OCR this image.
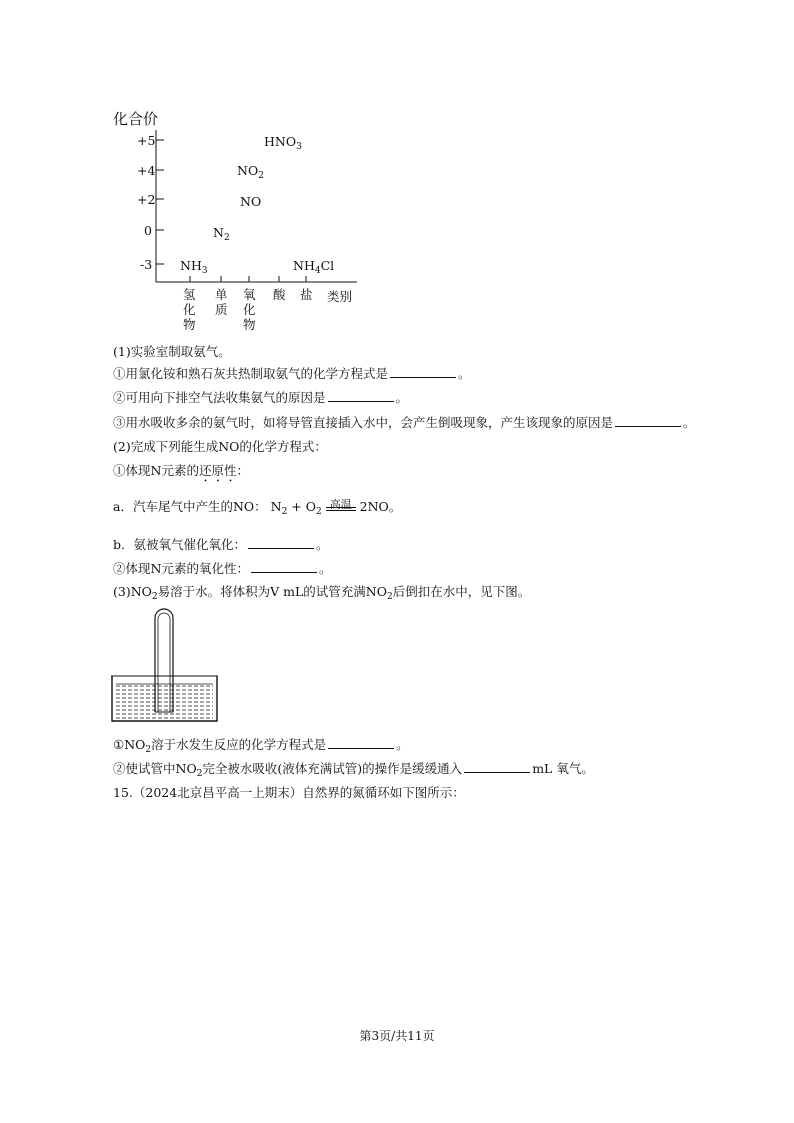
化合价
+5
+4
+2
0
-3
$HNO_3$
$NO_2$
NO
$N_2$
$NH_3$	$NH_4Cl$
氢
化
物
单
质
氧
化
物
酸 盐 类别
(1)实验室制取氨气。
①用氯化铵和熟石灰共热制取氨气的化学方程式是	。
②可用向下排空气法收集氨气的原因是	。
③用水吸收多余的氨气时，如将导管直接插入水中，会产生倒吸现象，产生该现象的原因是	。
(2)完成下列能生成NO的化学方程式：
①体现N元素的还原性：
a．汽车尾气中产生的NO： $N_2 + O_2$
高温 2NO。
b．氨被氧气催化氧化：	。
②体现N元素的氧化性：	。
$(3)NO_2$易溶于水。将体积为V mL的试管充满$NO_2$后倒扣在水中，见下图。
$①NO_2$溶于水发生反应的化学方程式是	。
②使试管中$NO_2$完全被水吸收(液体充满试管)的操作是缓缓通入	mL 氧气。
15.（2024北京昌平高一上期末）自然界的氮循环如下图所示：
第3页/共11页
